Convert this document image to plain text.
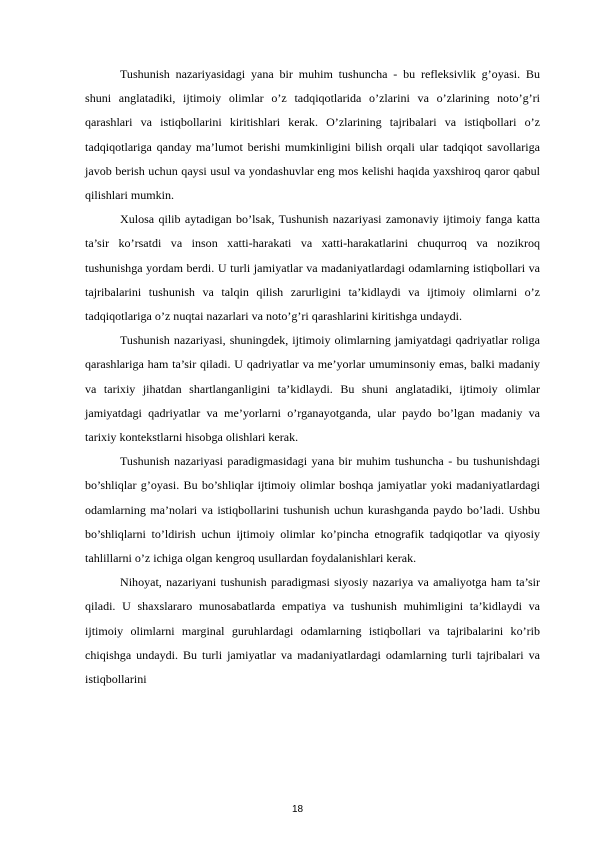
Tushunish nazariyasidagi yana bir muhim tushuncha - bu refleksivlik g’oyasi. Bu shuni anglatadiki, ijtimoiy olimlar o’z tadqiqotlarida o’zlarini va o’zlarining noto’g’ri qarashlari va istiqbollarini kiritishlari kerak. O’zlarining tajribalari va istiqbollari o’z tadqiqotlariga qanday ma’lumot berishi mumkinligini bilish orqali ular tadqiqot savollariga javob berish uchun qaysi usul va yondashuvlar eng mos kelishi haqida yaxshiroq qaror qabul qilishlari mumkin.

Xulosa qilib aytadigan bo’lsak, Tushunish nazariyasi zamonaviy ijtimoiy fanga katta ta’sir ko’rsatdi va inson xatti-harakati va xatti-harakatlarini chuqurroq va nozikroq tushunishga yordam berdi. U turli jamiyatlar va madaniyatlardagi odamlarning istiqbollari va tajribalarini tushunish va talqin qilish zarurligini ta’kidlaydi va ijtimoiy olimlarni o’z tadqiqotlariga o’z nuqtai nazarlari va noto’g’ri qarashlarini kiritishga undaydi.

Tushunish nazariyasi, shuningdek, ijtimoiy olimlarning jamiyatdagi qadriyatlar roliga qarashlariga ham ta’sir qiladi. U qadriyatlar va me’yorlar umuminsoniy emas, balki madaniy va tarixiy jihatdan shartlanganligini ta’kidlaydi. Bu shuni anglatadiki, ijtimoiy olimlar jamiyatdagi qadriyatlar va me’yorlarni o’rganayotganda, ular paydo bo’lgan madaniy va tarixiy kontekstlarni hisobga olishlari kerak.

Tushunish nazariyasi paradigmasidagi yana bir muhim tushuncha - bu tushunishdagi bo’shliqlar g’oyasi. Bu bo’shliqlar ijtimoiy olimlar boshqa jamiyatlar yoki madaniyatlardagi odamlarning ma’nolari va istiqbollarini tushunish uchun kurashganda paydo bo’ladi. Ushbu bo’shliqlarni to’ldirish uchun ijtimoiy olimlar ko’pincha etnografik tadqiqotlar va qiyosiy tahlillarni o’z ichiga olgan kengroq usullardan foydalanishlari kerak.

Nihoyat, nazariyani tushunish paradigmasi siyosiy nazariya va amaliyotga ham ta’sir qiladi. U shaxslararo munosabatlarda empatiya va tushunish muhimligini ta’kidlaydi va ijtimoiy olimlarni marginal guruhlardagi odamlarning istiqbollari va tajribalarini ko’rib chiqishga undaydi. Bu turli jamiyatlar va madaniyatlardagi odamlarning turli tajribalari va istiqbollarini

18
